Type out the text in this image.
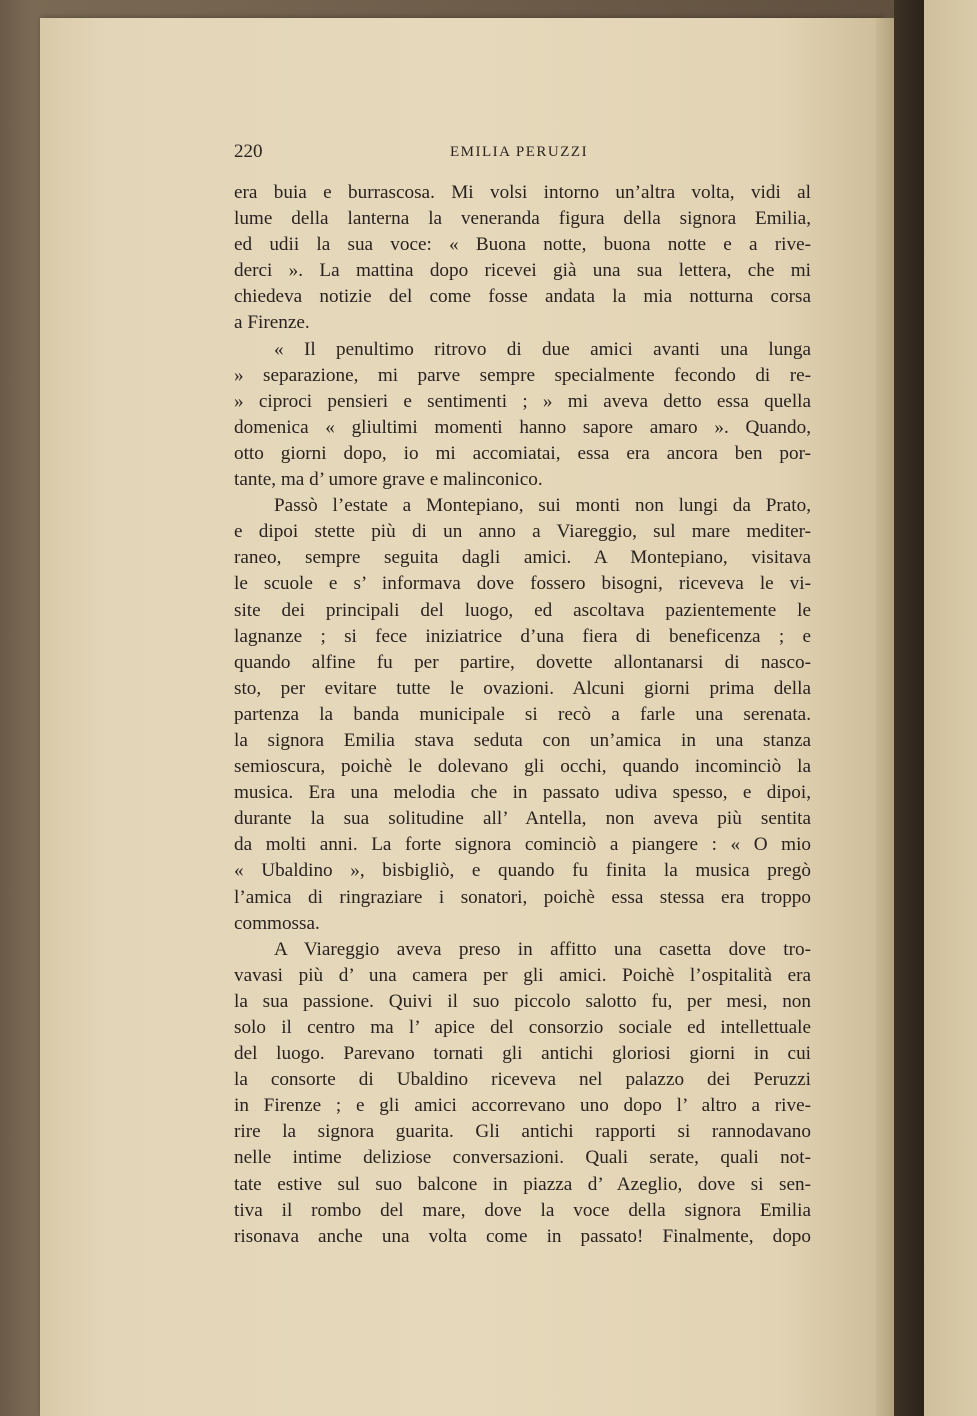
220	EMILIA PERUZZI
era buia e burrascosa. Mi volsi intorno un’altra volta, vidi al
lume della lanterna la veneranda figura della signora Emilia,
ed udii la sua voce: « Buona notte, buona notte e a rive-
derci ». La mattina dopo ricevei già una sua lettera, che mi
chiedeva notizie del come fosse andata la mia notturna corsa
a Firenze.
« Il penultimo ritrovo di due amici avanti una lunga
» separazione, mi parve sempre specialmente fecondo di re-
» ciproci pensieri e sentimenti ; » mi aveva detto essa quella
domenica « gliultimi momenti hanno sapore amaro ». Quando,
otto giorni dopo, io mi accomiatai, essa era ancora ben por-
tante, ma d’ umore grave e malinconico.
Passò l’estate a Montepiano, sui monti non lungi da Prato,
e dipoi stette più di un anno a Viareggio, sul mare mediter-
raneo, sempre seguita dagli amici. A Montepiano, visitava
le scuole e s’ informava dove fossero bisogni, riceveva le vi-
site dei principali del luogo, ed ascoltava pazientemente le
lagnanze ; si fece iniziatrice d’una fiera di beneficenza ; e
quando alfine fu per partire, dovette allontanarsi di nasco-
sto, per evitare tutte le ovazioni. Alcuni giorni prima della
partenza la banda municipale si recò a farle una serenata.
la signora Emilia stava seduta con un’amica in una stanza
semioscura, poichè le dolevano gli occhi, quando incominciò la
musica. Era una melodia che in passato udiva spesso, e dipoi,
durante la sua solitudine all’ Antella, non aveva più sentita
da molti anni. La forte signora cominciò a piangere : « O mio
« Ubaldino », bisbigliò, e quando fu finita la musica pregò
l’amica di ringraziare i sonatori, poichè essa stessa era troppo
commossa.
A Viareggio aveva preso in affitto una casetta dove tro-
vavasi più d’ una camera per gli amici. Poichè l’ospitalità era
la sua passione. Quivi il suo piccolo salotto fu, per mesi, non
solo il centro ma l’ apice del consorzio sociale ed intellettuale
del luogo. Parevano tornati gli antichi gloriosi giorni in cui
la consorte di Ubaldino riceveva nel palazzo dei Peruzzi
in Firenze ; e gli amici accorrevano uno dopo l’ altro a rive-
rire la signora guarita. Gli antichi rapporti si rannodavano
nelle intime deliziose conversazioni. Quali serate, quali not-
tate estive sul suo balcone in piazza d’ Azeglio, dove si sen-
tiva il rombo del mare, dove la voce della signora Emilia
risonava anche una volta come in passato! Finalmente, dopo
